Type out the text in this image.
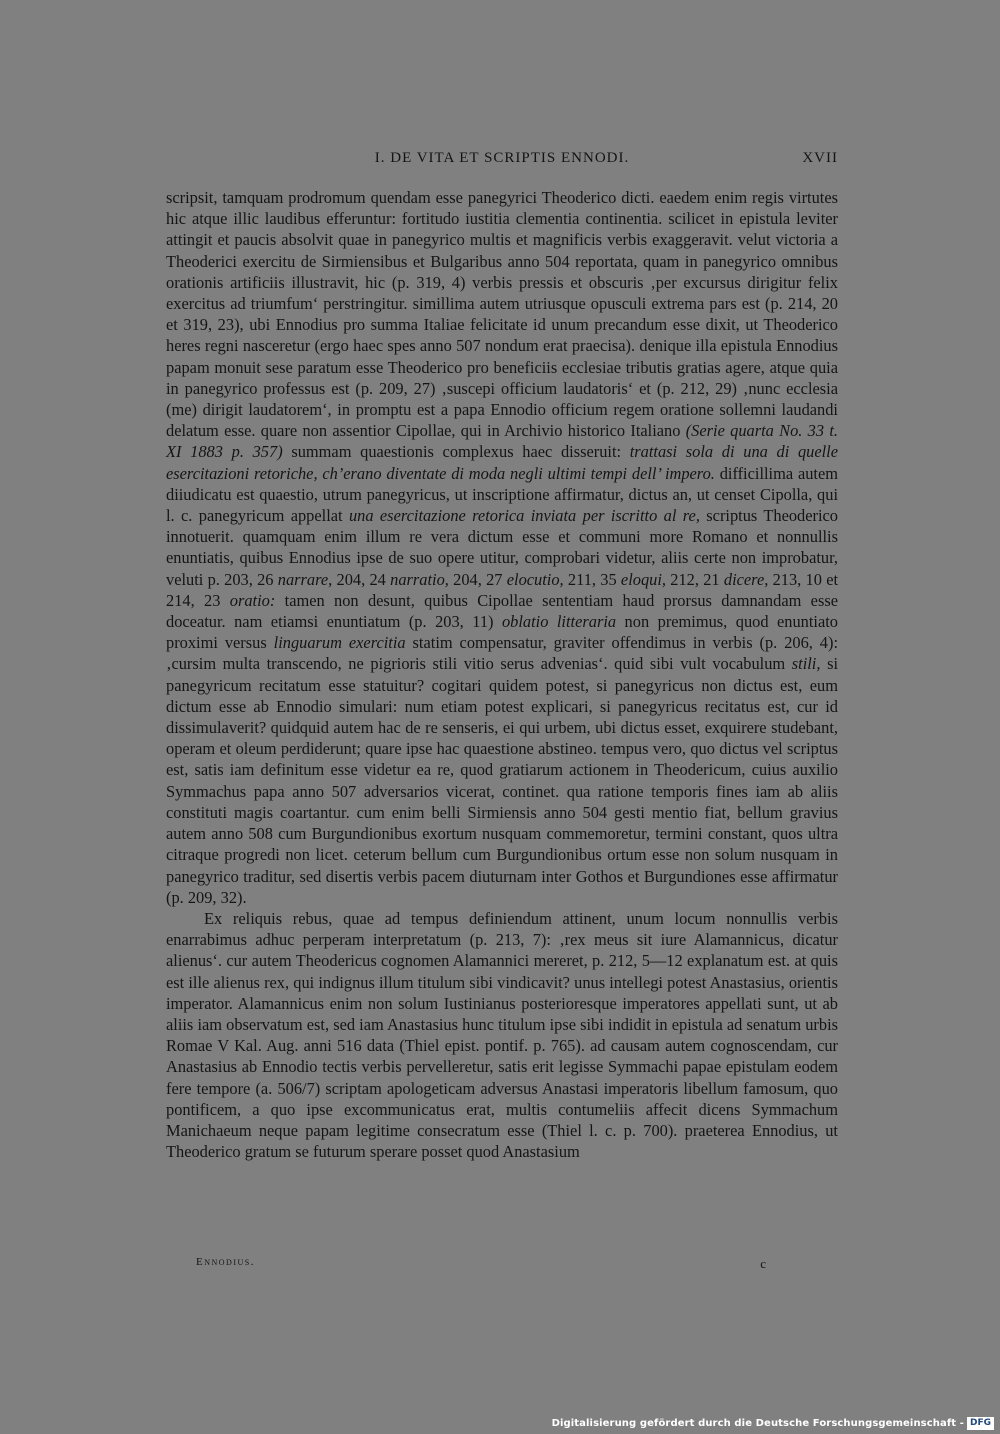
I. DE VITA ET SCRIPTIS ENNODI.	XVII

scripsit, tamquam prodromum quendam esse panegyrici Theoderico dicti. eaedem enim regis virtutes hic atque illic laudibus efferuntur: fortitudo iustitia clementia continentia. scilicet in epistula leviter attingit et paucis absolvit quae in panegyrico multis et magnificis verbis exaggeravit. velut victoria a Theoderici exercitu de Sirmiensibus et Bulgaribus anno 504 reportata, quam in panegyrico omnibus orationis artificiis illustravit, hic (p. 319, 4) verbis pressis et obscuris ‚per excursus dirigitur felix exercitus ad triumfum‘ perstringitur. simillima autem utriusque opusculi extrema pars est (p. 214, 20 et 319, 23), ubi Ennodius pro summa Italiae felicitate id unum precandum esse dixit, ut Theoderico heres regni nasceretur (ergo haec spes anno 507 nondum erat praecisa). denique illa epistula Ennodius papam monuit sese paratum esse Theoderico pro beneficiis ecclesiae tributis gratias agere, atque quia in panegyrico professus est (p. 209, 27) ‚suscepi officium laudatoris‘ et (p. 212, 29) ‚nunc ecclesia (me) dirigit laudatorem‘, in promptu est a papa Ennodio officium regem oratione sollemni laudandi delatum esse. quare non assentior Cipollae, qui in Archivio historico Italiano (Serie quarta No. 33 t. XI 1883 p. 357) summam quaestionis complexus haec disseruit: trattasi sola di una di quelle esercitazioni retoriche, ch’erano diventate di moda negli ultimi tempi dell’ impero. difficillima autem diiudicatu est quaestio, utrum panegyricus, ut inscriptione affirmatur, dictus an, ut censet Cipolla, qui l. c. panegyricum appellat una esercitazione retorica inviata per iscritto al re, scriptus Theoderico innotuerit. quamquam enim illum re vera dictum esse et communi more Romano et nonnullis enuntiatis, quibus Ennodius ipse de suo opere utitur, comprobari videtur, aliis certe non improbatur, veluti p. 203, 26 narrare, 204, 24 narratio, 204, 27 elocutio, 211, 35 eloqui, 212, 21 dicere, 213, 10 et 214, 23 oratio: tamen non desunt, quibus Cipollae sententiam haud prorsus damnandam esse doceatur. nam etiamsi enuntiatum (p. 203, 11) oblatio litteraria non premimus, quod enuntiato proximi versus linguarum exercitia statim compensatur, graviter offendimus in verbis (p. 206, 4): ‚cursim multa transcendo, ne pigrioris stili vitio serus advenias‘. quid sibi vult vocabulum stili, si panegyricum recitatum esse statuitur? cogitari quidem potest, si panegyricus non dictus est, eum dictum esse ab Ennodio simulari: num etiam potest explicari, si panegyricus recitatus est, cur id dissimulaverit? quidquid autem hac de re senseris, ei qui urbem, ubi dictus esset, exquirere studebant, operam et oleum perdiderunt; quare ipse hac quaestione abstineo. tempus vero, quo dictus vel scriptus est, satis iam definitum esse videtur ea re, quod gratiarum actionem in Theodericum, cuius auxilio Symmachus papa anno 507 adversarios vicerat, continet. qua ratione temporis fines iam ab aliis constituti magis coartantur. cum enim belli Sirmiensis anno 504 gesti mentio fiat, bellum gravius autem anno 508 cum Burgundionibus exortum nusquam commemoretur, termini constant, quos ultra citraque progredi non licet. ceterum bellum cum Burgundionibus ortum esse non solum nusquam in panegyrico traditur, sed disertis verbis pacem diuturnam inter Gothos et Burgundiones esse affirmatur (p. 209, 32).

Ex reliquis rebus, quae ad tempus definiendum attinent, unum locum nonnullis verbis enarrabimus adhuc perperam interpretatum (p. 213, 7): ‚rex meus sit iure Alamannicus, dicatur alienus‘. cur autem Theodericus cognomen Alamannici mereret, p. 212, 5—12 explanatum est. at quis est ille alienus rex, qui indignus illum titulum sibi vindicavit? unus intellegi potest Anastasius, orientis imperator. Alamannicus enim non solum Iustinianus posterioresque imperatores appellati sunt, ut ab aliis iam observatum est, sed iam Anastasius hunc titulum ipse sibi indidit in epistula ad senatum urbis Romae V Kal. Aug. anni 516 data (Thiel epist. pontif. p. 765). ad causam autem cognoscendam, cur Anastasius ab Ennodio tectis verbis pervelleretur, satis erit legisse Symmachi papae epistulam eodem fere tempore (a. 506/7) scriptam apologeticam adversus Anastasi imperatoris libellum famosum, quo pontificem, a quo ipse excommunicatus erat, multis contumeliis affecit dicens Symmachum Manichaeum neque papam legitime consecratum esse (Thiel l. c. p. 700). praeterea Ennodius, ut Theoderico gratum se futurum sperare posset quod Anastasium

Ennodius.	c
Digitalisierung gefördert durch die Deutsche Forschungsgemeinschaft - DFG
